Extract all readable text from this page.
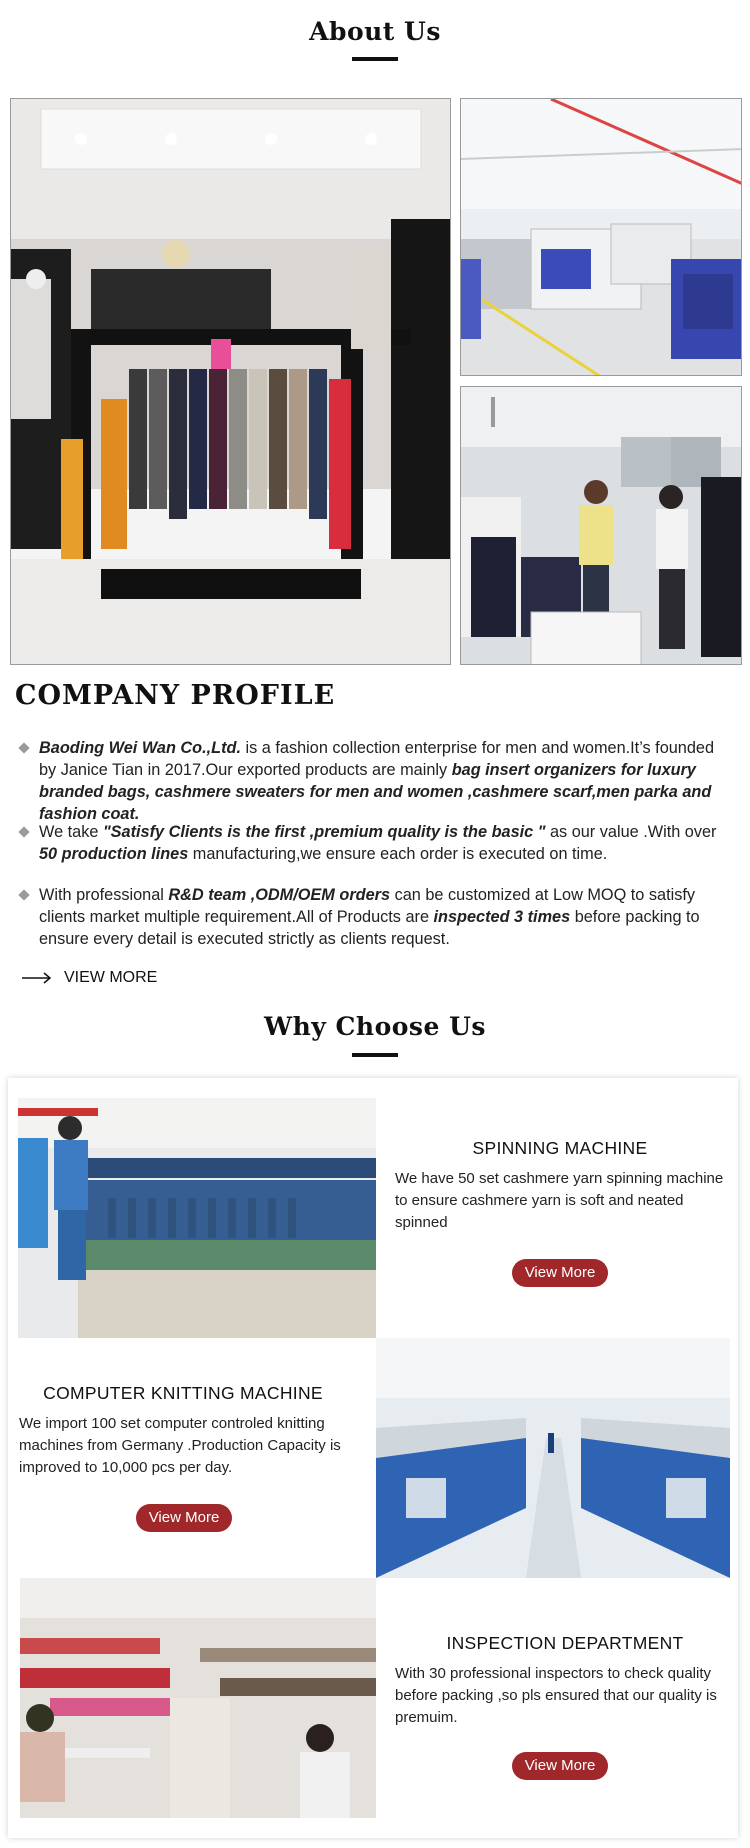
About Us
COMPANY PROFILE

Baoding Wei Wan Co.,Ltd. is a fashion collection enterprise for men and women.It’s founded by Janice Tian in 2017.Our exported products are mainly bag insert organizers for luxury branded bags, cashmere sweaters for men and women ,cashmere scarf,men parka and fashion coat.

We take "Satisfy Clients is the first ,premium quality is the basic " as our value .With over 50 production lines manufacturing,we ensure each order is executed on time.

With professional R&D team ,ODM/OEM orders can be customized at Low MOQ to satisfy clients market multiple requirement.All of Products are inspected 3 times before packing to ensure every detail is executed strictly as clients request.

VIEW MORE
Why Choose Us
SPINNING MACHINE
We have 50 set cashmere yarn spinning machine to ensure cashmere yarn is soft and neated spinned
View More
COMPUTER KNITTING MACHINE
We import 100 set computer controled knitting machines from Germany .Production Capacity is improved to 10,000 pcs per day.
View More
INSPECTION DEPARTMENT
With 30 professional inspectors to check quality before packing ,so pls ensured that our quality is premuim.
View More
